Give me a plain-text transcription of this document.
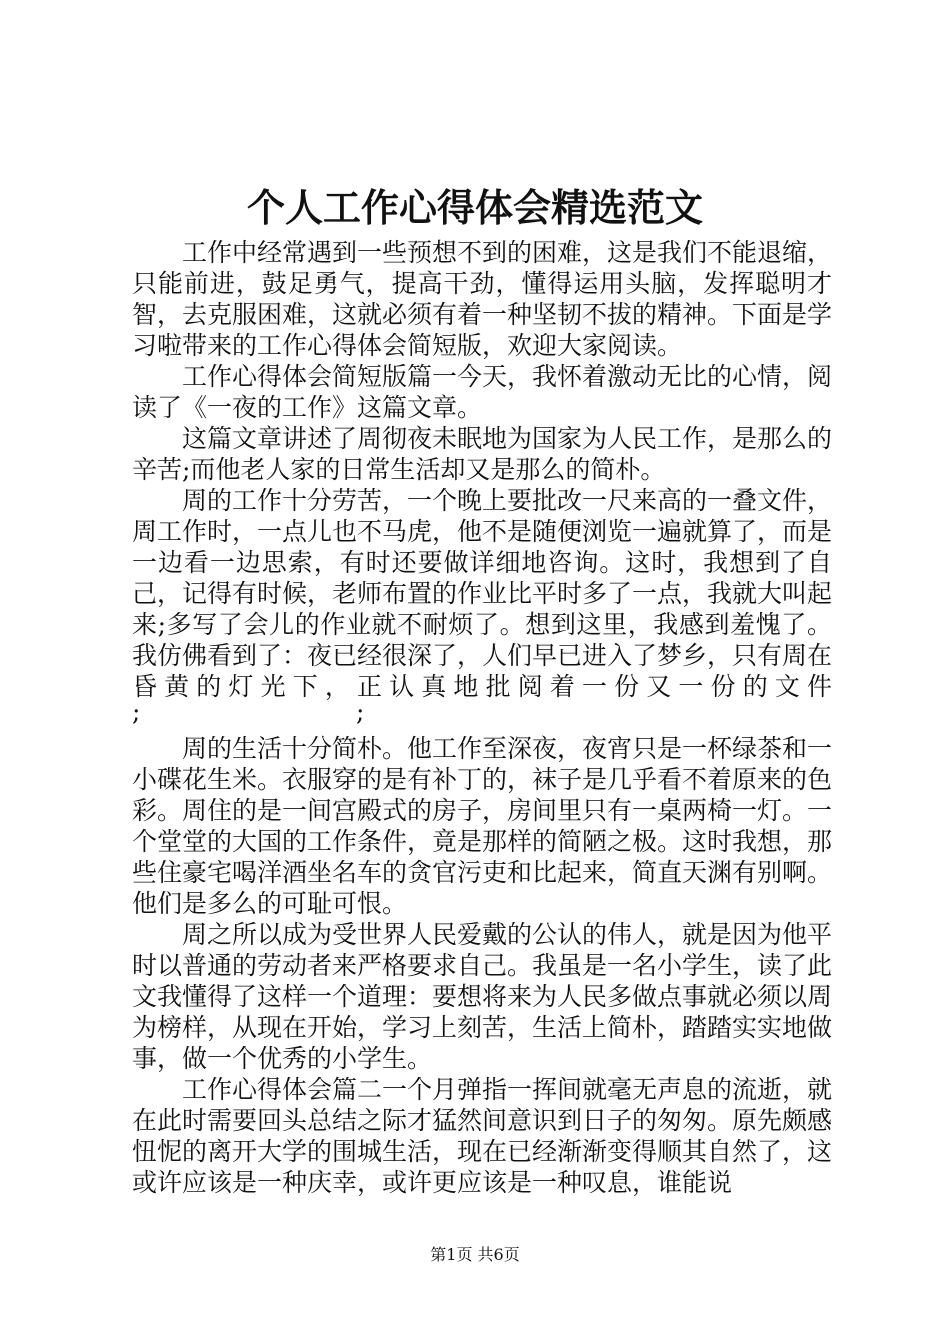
个人工作心得体会精选范文

工作中经常遇到一些预想不到的困难，这是我们不能退缩，只能前进，鼓足勇气，提高干劲，懂得运用头脑，发挥聪明才智，去克服困难，这就必须有着一种坚韧不拔的精神。下面是学习啦带来的工作心得体会简短版，欢迎大家阅读。

工作心得体会简短版篇一今天，我怀着激动无比的心情，阅读了《一夜的工作》这篇文章。

这篇文章讲述了周彻夜未眠地为国家为人民工作，是那么的辛苦;而他老人家的日常生活却又是那么的简朴。

周的工作十分劳苦，一个晚上要批改一尺来高的一叠文件，周工作时，一点儿也不马虎，他不是随便浏览一遍就算了，而是一边看一边思索，有时还要做详细地咨询。这时，我想到了自己，记得有时候，老师布置的作业比平时多了一点，我就大叫起来;多写了会儿的作业就不耐烦了。想到这里，我感到羞愧了。我仿佛看到了：夜已经很深了，人们早已进入了梦乡，只有周在昏黄的灯光下，正认真地批阅着一份又一份的文件

;	;

周的生活十分简朴。他工作至深夜，夜宵只是一杯绿茶和一小碟花生米。衣服穿的是有补丁的，袜子是几乎看不着原来的色彩。周住的是一间宫殿式的房子，房间里只有一桌两椅一灯。一个堂堂的大国的工作条件，竟是那样的简陋之极。这时我想，那些住豪宅喝洋酒坐名车的贪官污吏和比起来，简直天渊有别啊。他们是多么的可耻可恨。

周之所以成为受世界人民爱戴的公认的伟人，就是因为他平时以普通的劳动者来严格要求自己。我虽是一名小学生，读了此文我懂得了这样一个道理：要想将来为人民多做点事就必须以周为榜样，从现在开始，学习上刻苦，生活上简朴，踏踏实实地做事，做一个优秀的小学生。

工作心得体会篇二一个月弹指一挥间就毫无声息的流逝，就在此时需要回头总结之际才猛然间意识到日子的匆匆。原先颇感忸怩的离开大学的围城生活，现在已经渐渐变得顺其自然了，这或许应该是一种庆幸，或许更应该是一种叹息，谁能说

第1页 共6页
